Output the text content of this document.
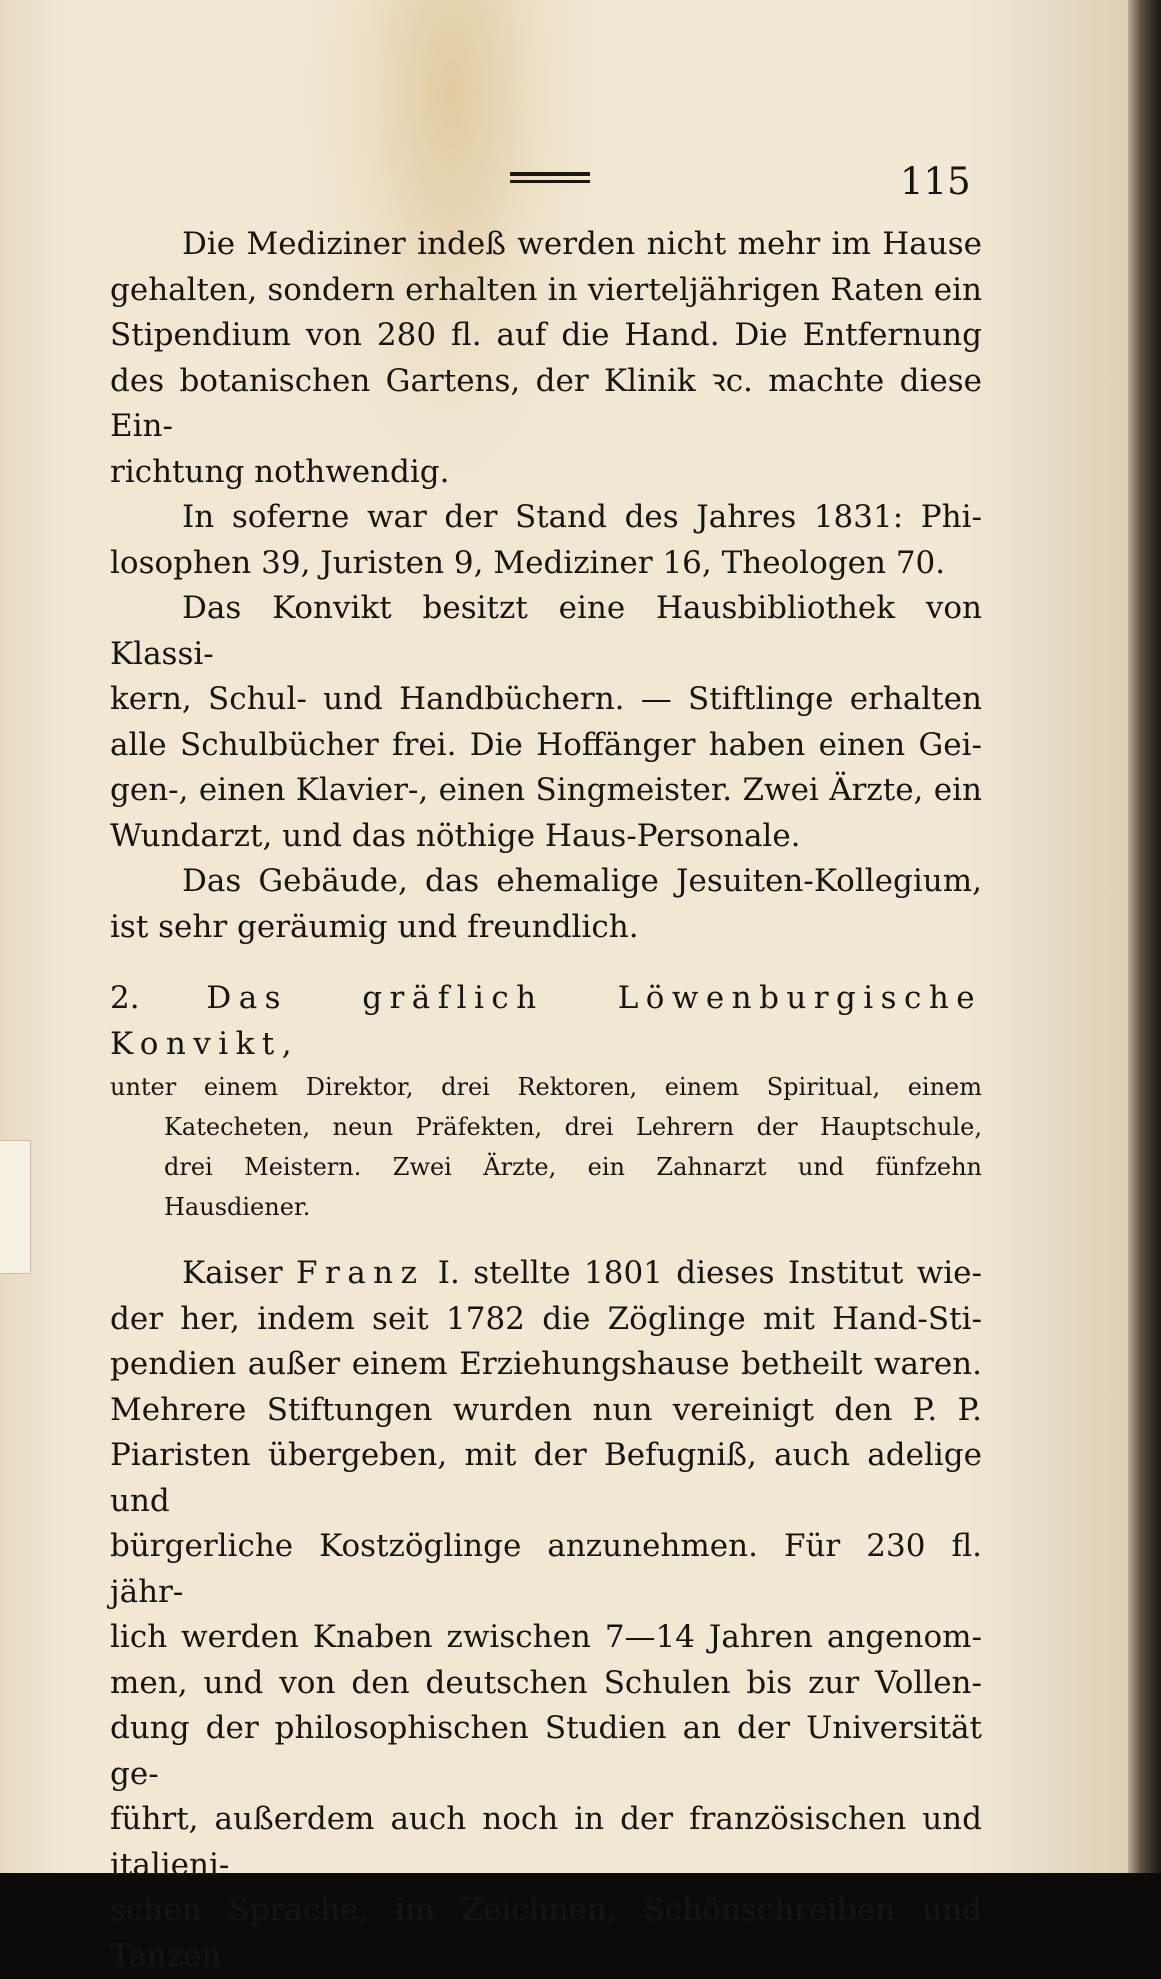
115

Die Mediziner indeß werden nicht mehr im Hause

gehalten, sondern erhalten in vierteljährigen Raten ein

Stipendium von 280 fl. auf die Hand. Die Entfernung

des botanischen Gartens, der Klinik ꝛc. machte diese Ein-

richtung nothwendig.

In soferne war der Stand des Jahres 1831: Phi-

losophen 39, Juristen 9, Mediziner 16, Theologen 70.

Das Konvikt besitzt eine Hausbibliothek von Klassi-

kern, Schul- und Handbüchern. — Stiftlinge erhalten

alle Schulbücher frei. Die Hoffänger haben einen Gei-

gen-, einen Klavier-, einen Singmeister. Zwei Ärzte, ein

Wundarzt, und das nöthige Haus-Personale.

Das Gebäude, das ehemalige Jesuiten-Kollegium,

ist sehr geräumig und freundlich.

2. Das gräflich Löwenburgische Konvikt,

unter einem Direktor, drei Rektoren, einem Spiritual, einem

Katecheten, neun Präfekten, drei Lehrern der Hauptschule,

drei Meistern. Zwei Ärzte, ein Zahnarzt und fünfzehn

Hausdiener.

Kaiser Franz I. stellte 1801 dieses Institut wie-

der her, indem seit 1782 die Zöglinge mit Hand-Sti-

pendien außer einem Erziehungshause betheilt waren.

Mehrere Stiftungen wurden nun vereinigt den P. P.

Piaristen übergeben, mit der Befugniß, auch adelige und

bürgerliche Kostzöglinge anzunehmen. Für 230 fl. jähr-

lich werden Knaben zwischen 7—14 Jahren angenom-

men, und von den deutschen Schulen bis zur Vollen-

dung der philosophischen Studien an der Universität ge-

führt, außerdem auch noch in der französischen und italieni-

schen Sprache, im Zeichnen, Schönschreiben und Tanzen
